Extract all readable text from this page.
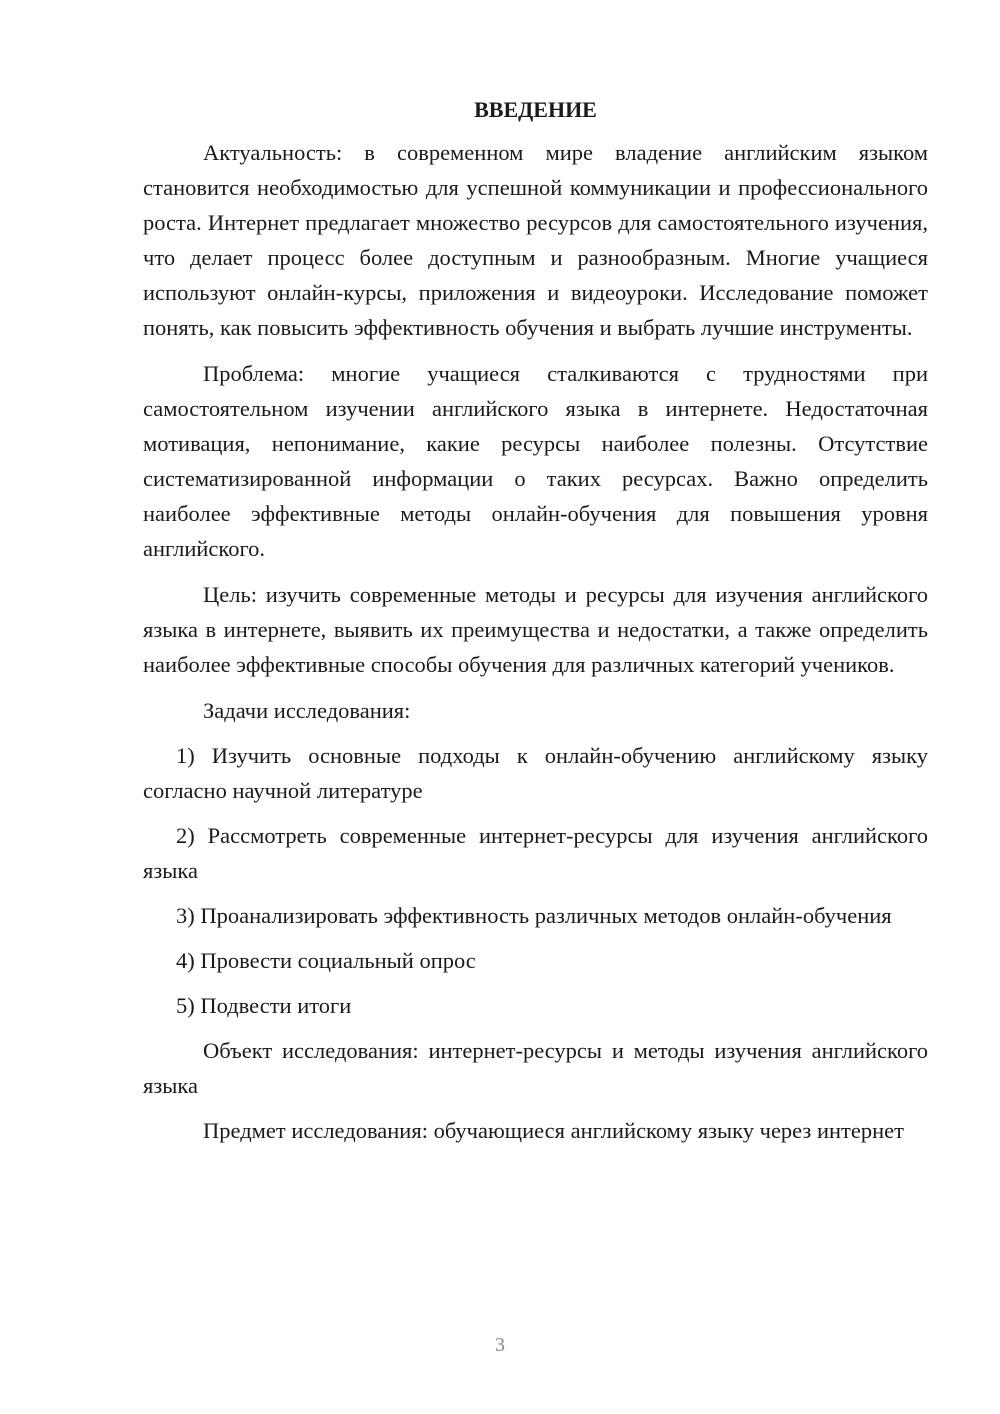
ВВЕДЕНИЕ

Актуальность: в современном мире владение английским языком становится необходимостью для успешной коммуникации и профессионального роста. Интернет предлагает множество ресурсов для самостоятельного изучения, что делает процесс более доступным и разнообразным. Многие учащиеся используют онлайн-курсы, приложения и видеоуроки. Исследование поможет понять, как повысить эффективность обучения и выбрать лучшие инструменты.

Проблема: многие учащиеся сталкиваются с трудностями при самостоятельном изучении английского языка в интернете. Недостаточная мотивация, непонимание, какие ресурсы наиболее полезны. Отсутствие систематизированной информации о таких ресурсах. Важно определить наиболее эффективные методы онлайн-обучения для повышения уровня английского.

Цель: изучить современные методы и ресурсы для изучения английского языка в интернете, выявить их преимущества и недостатки, а также определить наиболее эффективные способы обучения для различных категорий учеников.

Задачи исследования:

1) Изучить основные подходы к онлайн-обучению английскому языку согласно научной литературе

2) Рассмотреть современные интернет-ресурсы для изучения английского языка

3) Проанализировать эффективность различных методов онлайн-обучения

4) Провести социальный опрос

5) Подвести итоги

Объект исследования: интернет-ресурсы и методы изучения английского языка

Предмет исследования: обучающиеся английскому языку через интернет

3
